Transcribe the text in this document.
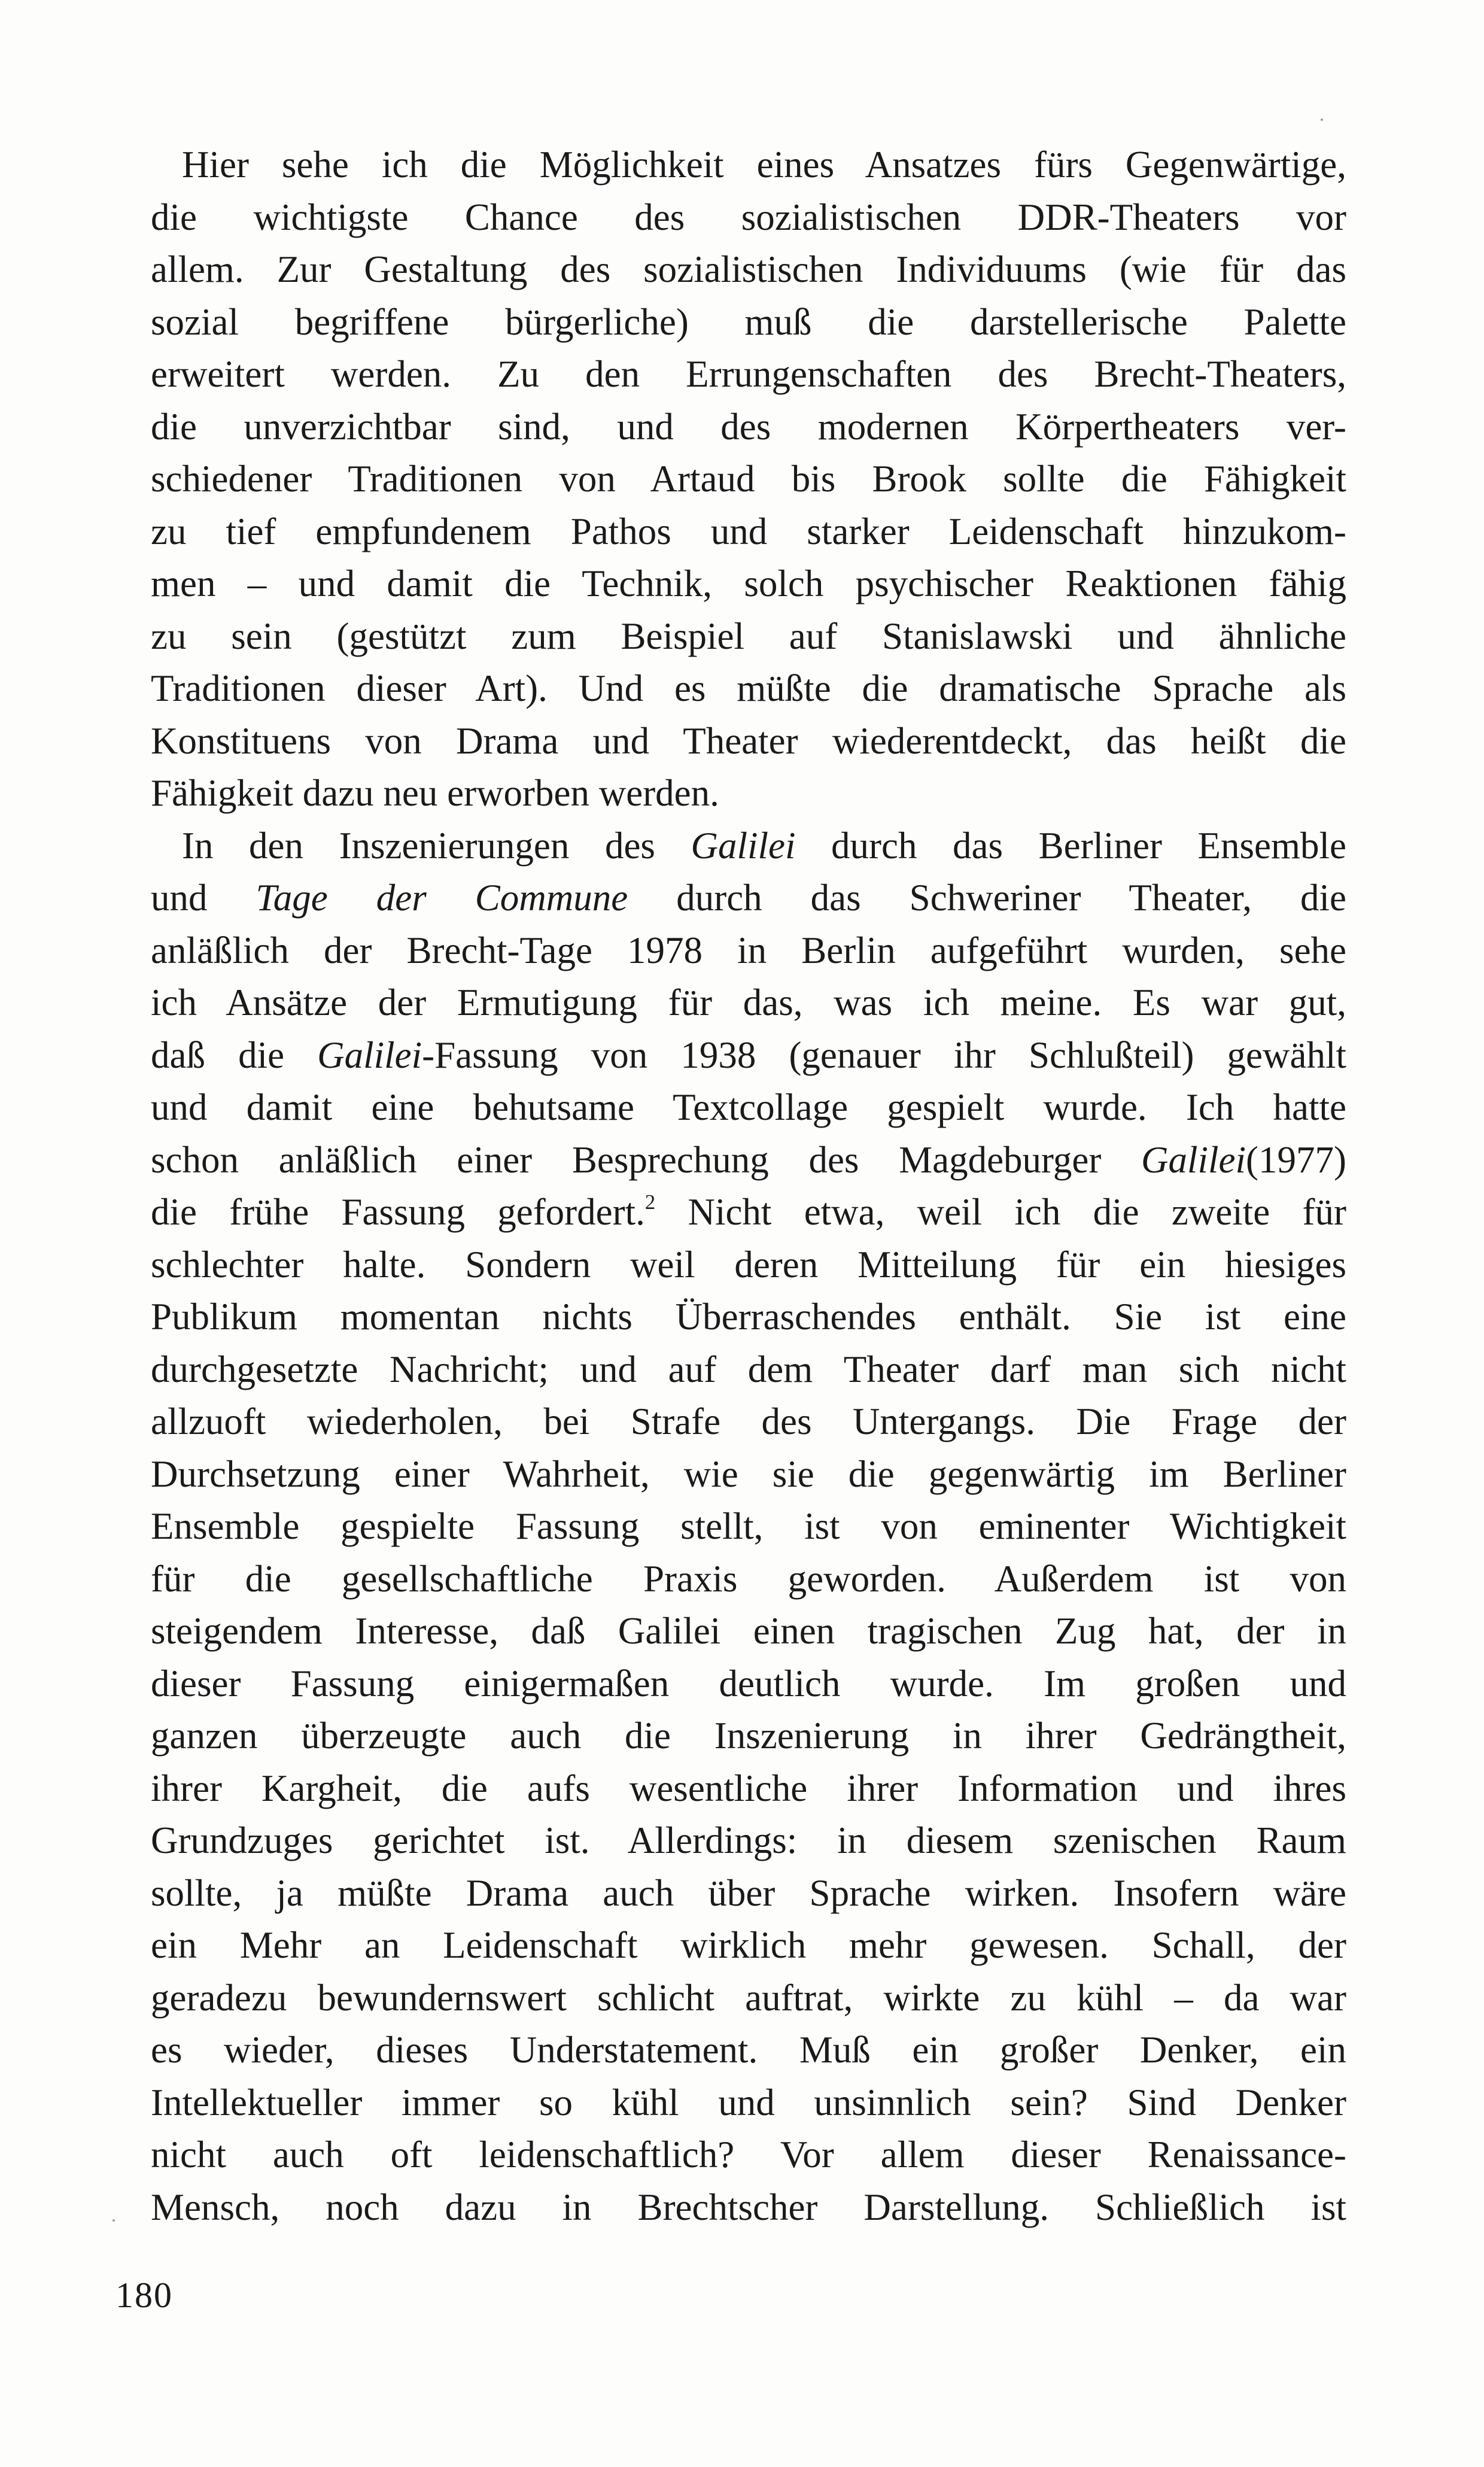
Hier sehe ich die Möglichkeit eines Ansatzes fürs Gegenwärtige,
die wichtigste Chance des sozialistischen DDR-Theaters vor
allem. Zur Gestaltung des sozialistischen Individuums (wie für das
sozial begriffene bürgerliche) muß die darstellerische Palette
erweitert werden. Zu den Errungenschaften des Brecht-Theaters,
die unverzichtbar sind, und des modernen Körpertheaters ver-
schiedener Traditionen von Artaud bis Brook sollte die Fähigkeit
zu tief empfundenem Pathos und starker Leidenschaft hinzukom-
men – und damit die Technik, solch psychischer Reaktionen fähig
zu sein (gestützt zum Beispiel auf Stanislawski und ähnliche
Traditionen dieser Art). Und es müßte die dramatische Sprache als
Konstituens von Drama und Theater wiederentdeckt, das heißt die
Fähigkeit dazu neu erworben werden.
In den Inszenierungen des Galilei durch das Berliner Ensemble
und Tage der Commune durch das Schweriner Theater, die
anläßlich der Brecht-Tage 1978 in Berlin aufgeführt wurden, sehe
ich Ansätze der Ermutigung für das, was ich meine. Es war gut,
daß die Galilei-Fassung von 1938 (genauer ihr Schlußteil) gewählt
und damit eine behutsame Textcollage gespielt wurde. Ich hatte
schon anläßlich einer Besprechung des Magdeburger Galilei(1977)
die frühe Fassung gefordert.$^2$ Nicht etwa, weil ich die zweite für
schlechter halte. Sondern weil deren Mitteilung für ein hiesiges
Publikum momentan nichts Überraschendes enthält. Sie ist eine
durchgesetzte Nachricht; und auf dem Theater darf man sich nicht
allzuoft wiederholen, bei Strafe des Untergangs. Die Frage der
Durchsetzung einer Wahrheit, wie sie die gegenwärtig im Berliner
Ensemble gespielte Fassung stellt, ist von eminenter Wichtigkeit
für die gesellschaftliche Praxis geworden. Außerdem ist von
steigendem Interesse, daß Galilei einen tragischen Zug hat, der in
dieser Fassung einigermaßen deutlich wurde. Im großen und
ganzen überzeugte auch die Inszenierung in ihrer Gedrängtheit,
ihrer Kargheit, die aufs wesentliche ihrer Information und ihres
Grundzuges gerichtet ist. Allerdings: in diesem szenischen Raum
sollte, ja müßte Drama auch über Sprache wirken. Insofern wäre
ein Mehr an Leidenschaft wirklich mehr gewesen. Schall, der
geradezu bewundernswert schlicht auftrat, wirkte zu kühl – da war
es wieder, dieses Understatement. Muß ein großer Denker, ein
Intellektueller immer so kühl und unsinnlich sein? Sind Denker
nicht auch oft leidenschaftlich? Vor allem dieser Renaissance-
Mensch, noch dazu in Brechtscher Darstellung. Schließlich ist
180
